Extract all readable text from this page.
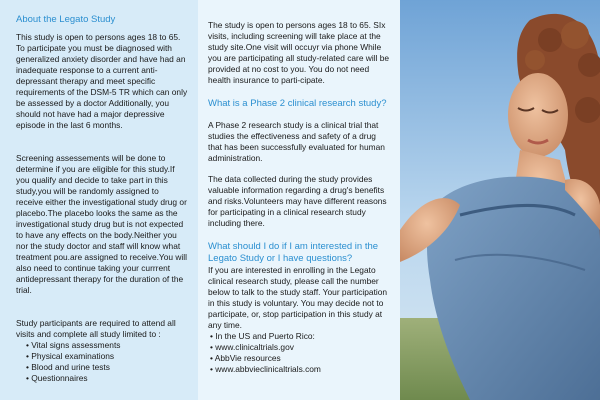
About the Legato Study

This study is open to persons ages 18 to 65. To participate you must be diagnosed with generalized anxiety disorder and have had an inadequate response to a current anti-depressant therapy and meet specific requirements of the DSM-5 TR which can only be assessed by a doctor Additionally, you should not have had a major depressive episode in the last 6 months.

Screening assessements will be done to determine if you are eligible for this study.If you qualify and decide to take part in this study,you will be randomly assigned to receive either the investigational study drug or placebo.The placebo looks the same as the investigational study drug but is not expected to have any effects on the body.Neither you nor the study doctor and staff will know what treatment pou.are assigned to receive.You will also need to continue taking your currrent antidepressant therapy for the duration of the trial.

Study participants are required to attend all visits and complete all study limited to :

• Vital signs assessments
• Physical examinations
• Blood and urine tests
• Questionnaires

The study is open to persons ages 18 to 65. SIx visits, including screening will take place at the study site.One visit will occuyr via phone While you are participating all study-related care will be provided at no cost to you. You do not need health insurance to parti-cipate.

What is a Phase 2 clinical research study?

A Phase 2 research study is a clinical trial that studies the effectiveness and safety of a drug that has been successfully evaluated for human administration.

The data collected during the study provides valuable information regarding a drug's benefits and risks.Volunteers may have different reasons for participating in a clinical research study including there.

What should I do if I am interested in the Legato Study or I have questions?

If you are interested in enrolling in the Legato clinical research study, please call the number below to talk to the study staff. Your participation in this study is voluntary. You may decide not to participate, or, stop participation in this study at any time.

• In the US and Puerto Rico:
• www.clinicaltrials.gov
• AbbVie resources
• www.abbvieclinicaltrials.com
